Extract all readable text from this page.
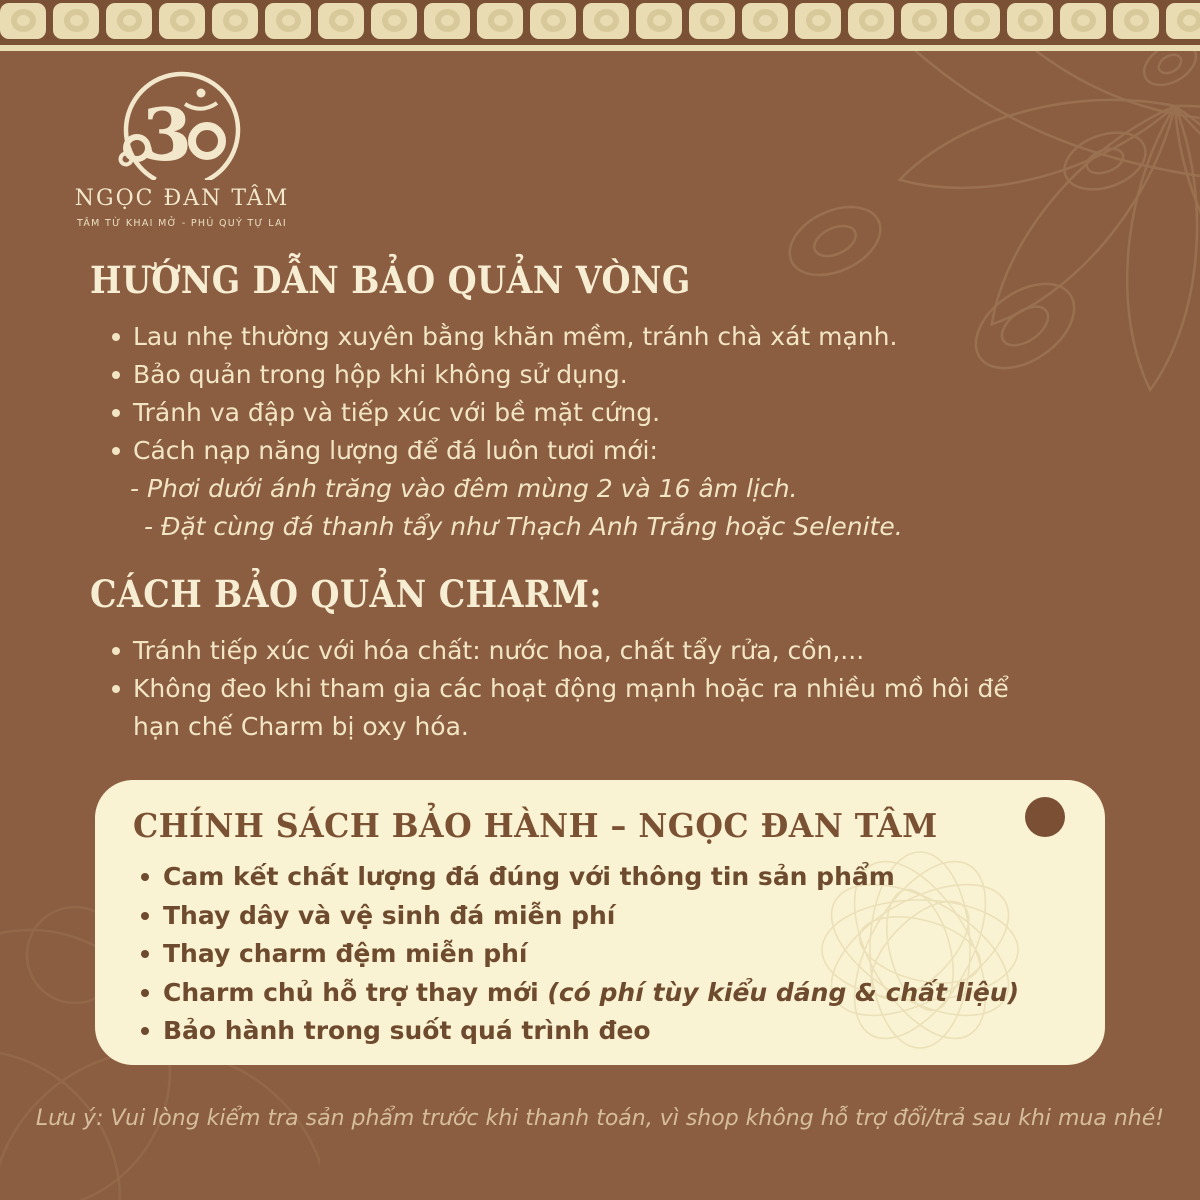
3
NGỌC ĐAN TÂM
TÂM TỪ KHAI MỞ - PHÚ QUÝ TỰ LAI
HƯỚNG DẪN BẢO QUẢN VÒNG
Lau nhẹ thường xuyên bằng khăn mềm, tránh chà xát mạnh.
Bảo quản trong hộp khi không sử dụng.
Tránh va đập và tiếp xúc với bề mặt cứng.
Cách nạp năng lượng để đá luôn tươi mới:
- Phơi dưới ánh trăng vào đêm mùng 2 và 16 âm lịch.
- Đặt cùng đá thanh tẩy như Thạch Anh Trắng hoặc Selenite.
CÁCH BẢO QUẢN CHARM:
Tránh tiếp xúc với hóa chất: nước hoa, chất tẩy rửa, cồn,...
Không đeo khi tham gia các hoạt động mạnh hoặc ra nhiều mồ hôi để hạn chế Charm bị oxy hóa.
CHÍNH SÁCH BẢO HÀNH – NGỌC ĐAN TÂM
Cam kết chất lượng đá đúng với thông tin sản phẩm
Thay dây và vệ sinh đá miễn phí
Thay charm đệm miễn phí
Charm chủ hỗ trợ thay mới (có phí tùy kiểu dáng & chất liệu)
Bảo hành trong suốt quá trình đeo
Lưu ý: Vui lòng kiểm tra sản phẩm trước khi thanh toán, vì shop không hỗ trợ đổi/trả sau khi mua nhé!
